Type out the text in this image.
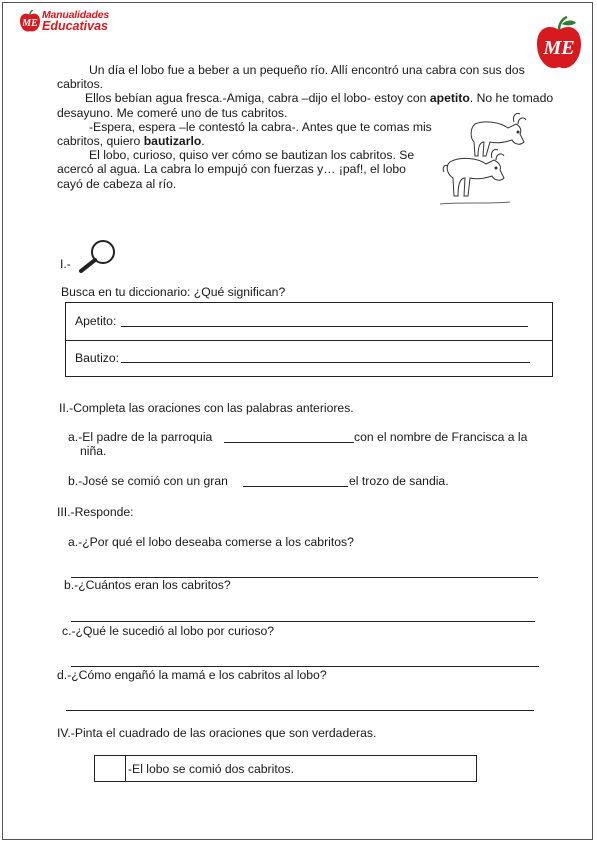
ME
Manualidades
Educativas
ME

Un día el lobo fue a beber a un pequeño río. Allí encontró una cabra con sus dos cabritos.

Ellos bebían agua fresca.-Amiga, cabra –dijo el lobo- estoy con apetito. No he tomado desayuno. Me comeré uno de tus cabritos.

-Espera, espera –le contestó la cabra-. Antes que te comas mis cabritos, quiero bautizarlo.

El lobo, curioso, quiso ver cómo se bautizan los cabritos. Se acercó al agua. La cabra lo empujó con fuerzas y… ¡paf!, el lobo cayó de cabeza al río.

I.-
Busca en tu diccionario: ¿Qué significan?
Apetito:
Bautizo:
II.-Completa las oraciones con las palabras anteriores.
a.-El padre de la parroquia	con el nombre de Francisca a la
niña.
b.-José se comió con un gran	el trozo de sandia.
III.-Responde:
a.-¿Por qué el lobo deseaba comerse a los cabritos?
b.-¿Cuántos eran los cabritos?
c.-¿Qué le sucedió al lobo por curioso?
d.-¿Cómo engañó la mamá e los cabritos al lobo?
IV.-Pinta el cuadrado de las oraciones que son verdaderas.
-El lobo se comió dos cabritos.
